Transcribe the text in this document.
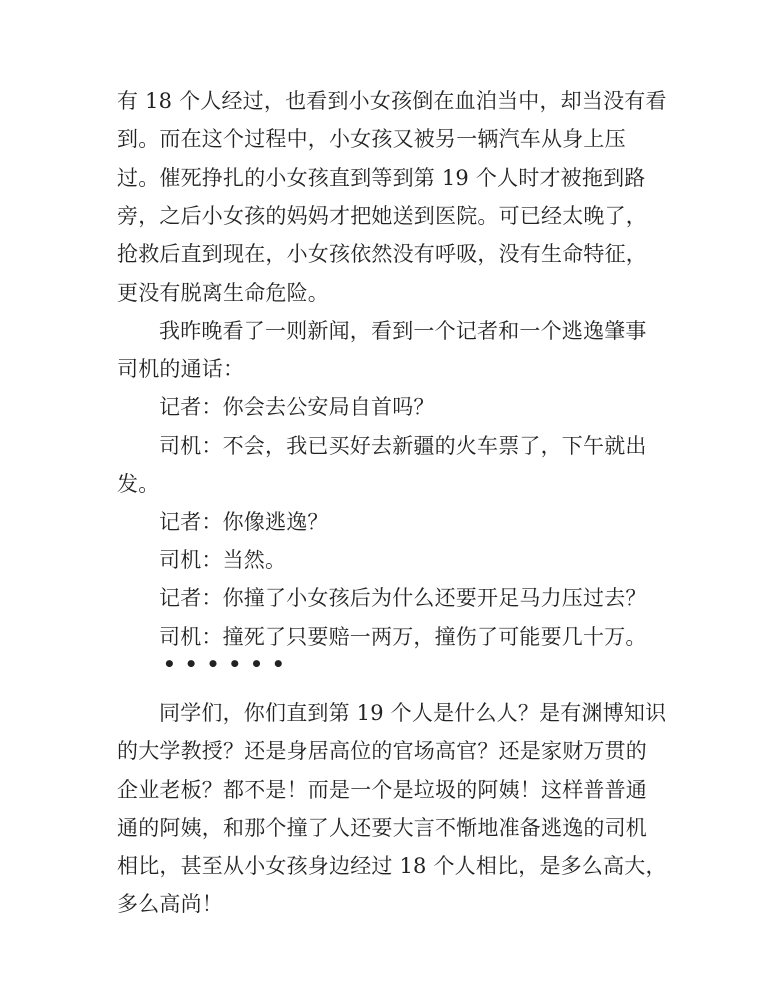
有 18 个人经过，也看到小女孩倒在血泊当中，却当没有看

到。而在这个过程中，小女孩又被另一辆汽车从身上压

过。催死挣扎的小女孩直到等到第 19 个人时才被拖到路

旁，之后小女孩的妈妈才把她送到医院。可已经太晚了，

抢救后直到现在，小女孩依然没有呼吸，没有生命特征，

更没有脱离生命危险。

我昨晚看了一则新闻，看到一个记者和一个逃逸肇事

司机的通话：

记者：你会去公安局自首吗？

司机：不会，我已买好去新疆的火车票了，下午就出

发。

记者：你像逃逸？

司机：当然。

记者：你撞了小女孩后为什么还要开足马力压过去？

司机：撞死了只要赔一两万，撞伤了可能要几十万。

••••••

同学们，你们直到第 19 个人是什么人？是有渊博知识

的大学教授？还是身居高位的官场高官？还是家财万贯的

企业老板？都不是！而是一个是垃圾的阿姨！这样普普通

通的阿姨，和那个撞了人还要大言不惭地准备逃逸的司机

相比，甚至从小女孩身边经过 18 个人相比，是多么高大，

多么高尚！
